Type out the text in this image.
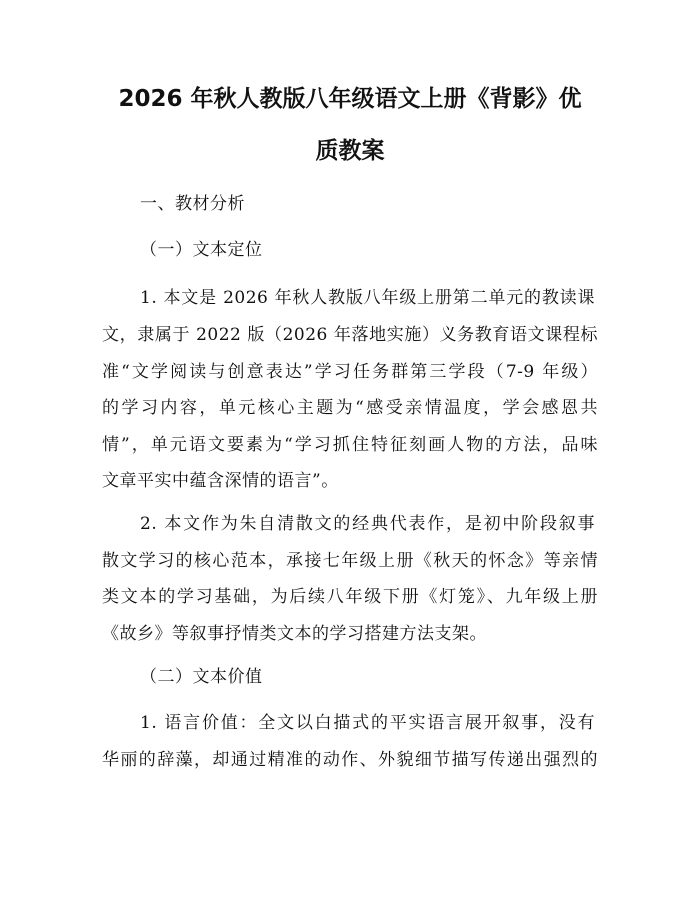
2026 年秋人教版八年级语文上册《背影》优
质教案
一、教材分析
（一）文本定位
1. 本文是 2026 年秋人教版八年级上册第二单元的教读课
文，隶属于 2022 版（2026 年落地实施）义务教育语文课程标
准“文学阅读与创意表达”学习任务群第三学段（7-9 年级）
的学习内容，单元核心主题为“感受亲情温度，学会感恩共
情”，单元语文要素为“学习抓住特征刻画人物的方法，品味
文章平实中蕴含深情的语言”。
2. 本文作为朱自清散文的经典代表作，是初中阶段叙事
散文学习的核心范本，承接七年级上册《秋天的怀念》等亲情
类文本的学习基础，为后续八年级下册《灯笼》、九年级上册
《故乡》等叙事抒情类文本的学习搭建方法支架。
（二）文本价值
1. 语言价值：全文以白描式的平实语言展开叙事，没有
华丽的辞藻，却通过精准的动作、外貌细节描写传递出强烈的
